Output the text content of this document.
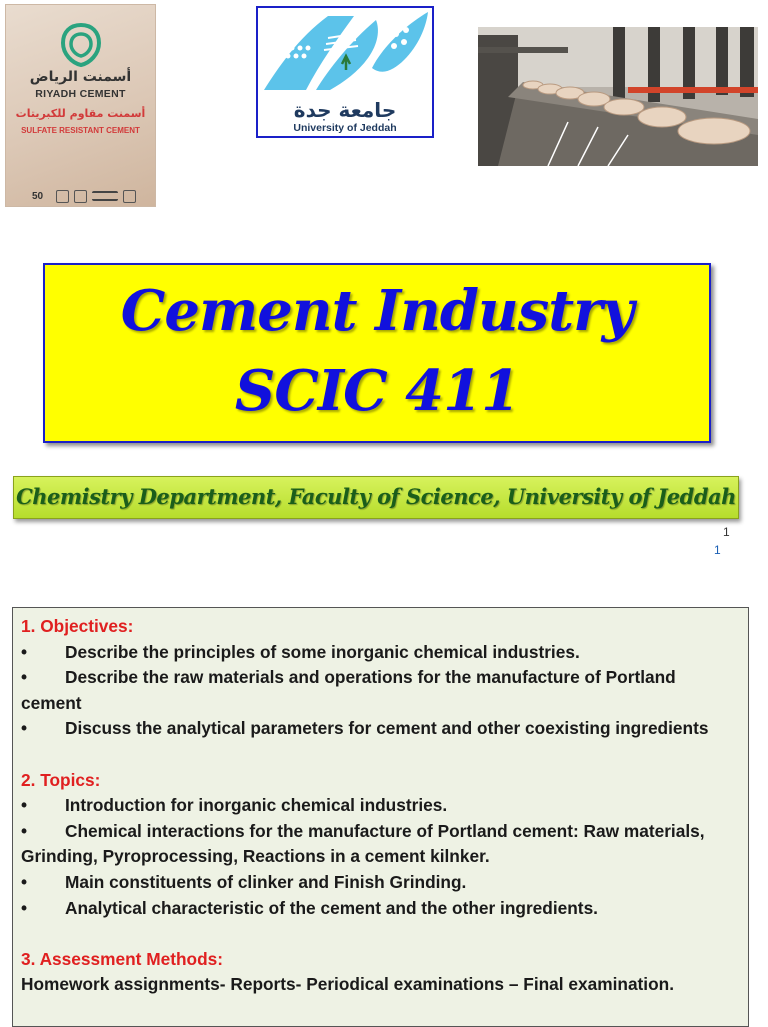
أسمنت الرياض
RIYADH CEMENT
أسمنت مقاوم للكبريتات
SULFATE RESISTANT CEMENT
50
جامعة جدة
University of Jeddah
Cement Industry
SCIC 411
Chemistry Department, Faculty of Science, University of Jeddah
1
1

1. Objectives:

• Describe the principles of some inorganic chemical industries.

• Describe the raw materials and operations for the manufacture of Portland cement

• Discuss the analytical parameters for cement and other coexisting ingredients

2. Topics:

• Introduction for inorganic chemical industries.

• Chemical interactions for the manufacture of Portland cement: Raw materials, Grinding, Pyroprocessing, Reactions in a cement kilnker.

• Main constituents of clinker and Finish Grinding.

• Analytical characteristic of the cement and the other ingredients.

3. Assessment Methods:

Homework assignments- Reports- Periodical examinations – Final examination.
